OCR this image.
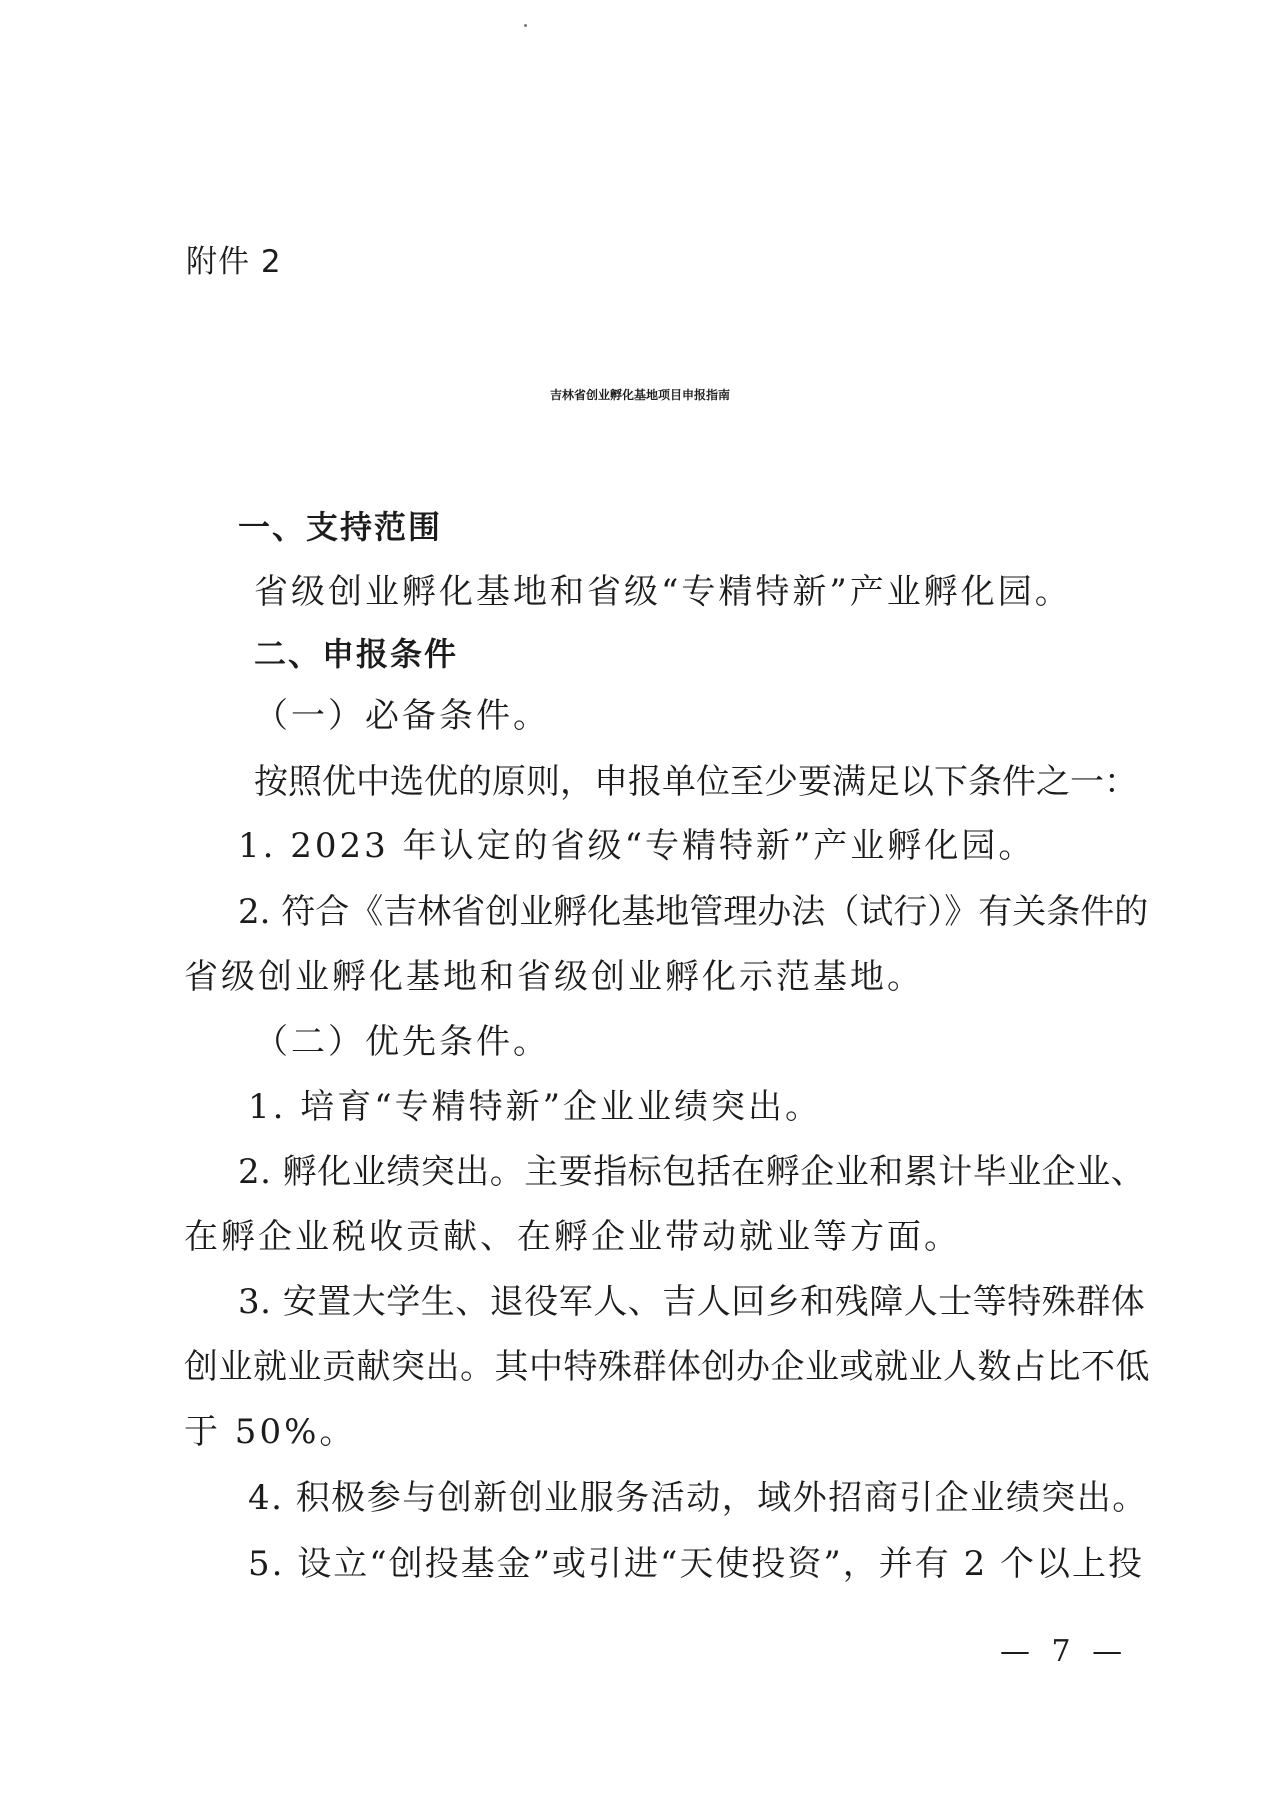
附件 2
吉林省创业孵化基地项目申报指南
一、支持范围
省级创业孵化基地和省级“专精特新”产业孵化园。
二、申报条件
（一）必备条件。
按照优中选优的原则，申报单位至少要满足以下条件之一：
1. 2023 年认定的省级“专精特新”产业孵化园。
2. 符合《吉林省创业孵化基地管理办法（试行）》有关条件的
省级创业孵化基地和省级创业孵化示范基地。
（二）优先条件。
1. 培育“专精特新”企业业绩突出。
2. 孵化业绩突出。主要指标包括在孵企业和累计毕业企业、
在孵企业税收贡献、在孵企业带动就业等方面。
3. 安置大学生、退役军人、吉人回乡和残障人士等特殊群体
创业就业贡献突出。其中特殊群体创办企业或就业人数占比不低
于 50%。
4. 积极参与创新创业服务活动，域外招商引企业绩突出。
5. 设立“创投基金”或引进“天使投资”，并有 2 个以上投
— 7 —
